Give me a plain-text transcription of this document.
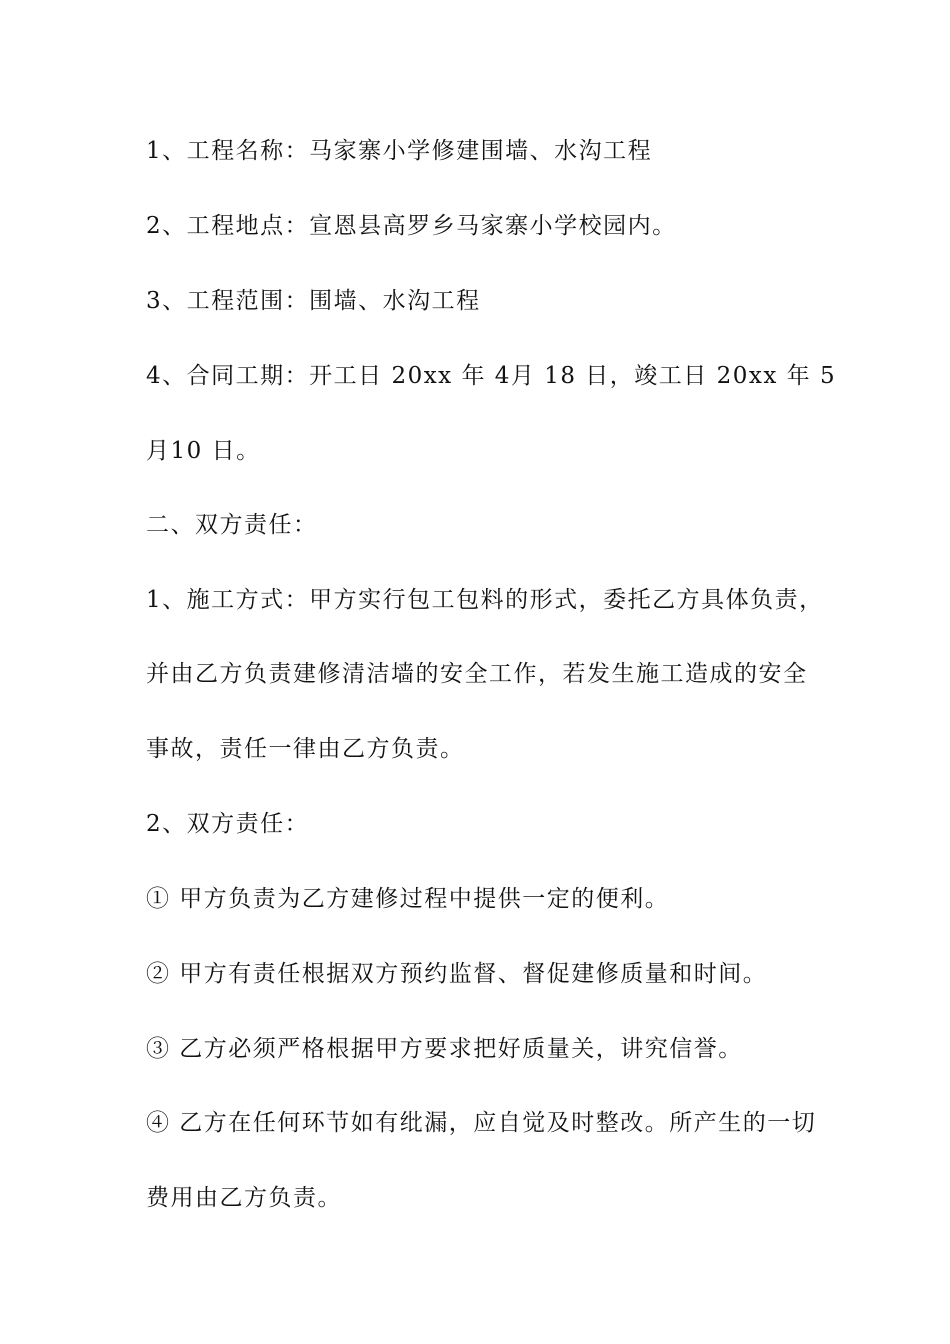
1、工程名称：马家寨小学修建围墙、水沟工程
2、工程地点：宣恩县高罗乡马家寨小学校园内。
3、工程范围：围墙、水沟工程
4、合同工期：开工日 20xx 年 4月 18 日，竣工日 20xx 年 5
月10 日。
二、双方责任：
1、施工方式：甲方实行包工包料的形式，委托乙方具体负责，
并由乙方负责建修清洁墙的安全工作，若发生施工造成的安全
事故，责任一律由乙方负责。
2、双方责任：
① 甲方负责为乙方建修过程中提供一定的便利。
② 甲方有责任根据双方预约监督、督促建修质量和时间。
③ 乙方必须严格根据甲方要求把好质量关，讲究信誉。
④ 乙方在任何环节如有纰漏，应自觉及时整改。所产生的一切
费用由乙方负责。
